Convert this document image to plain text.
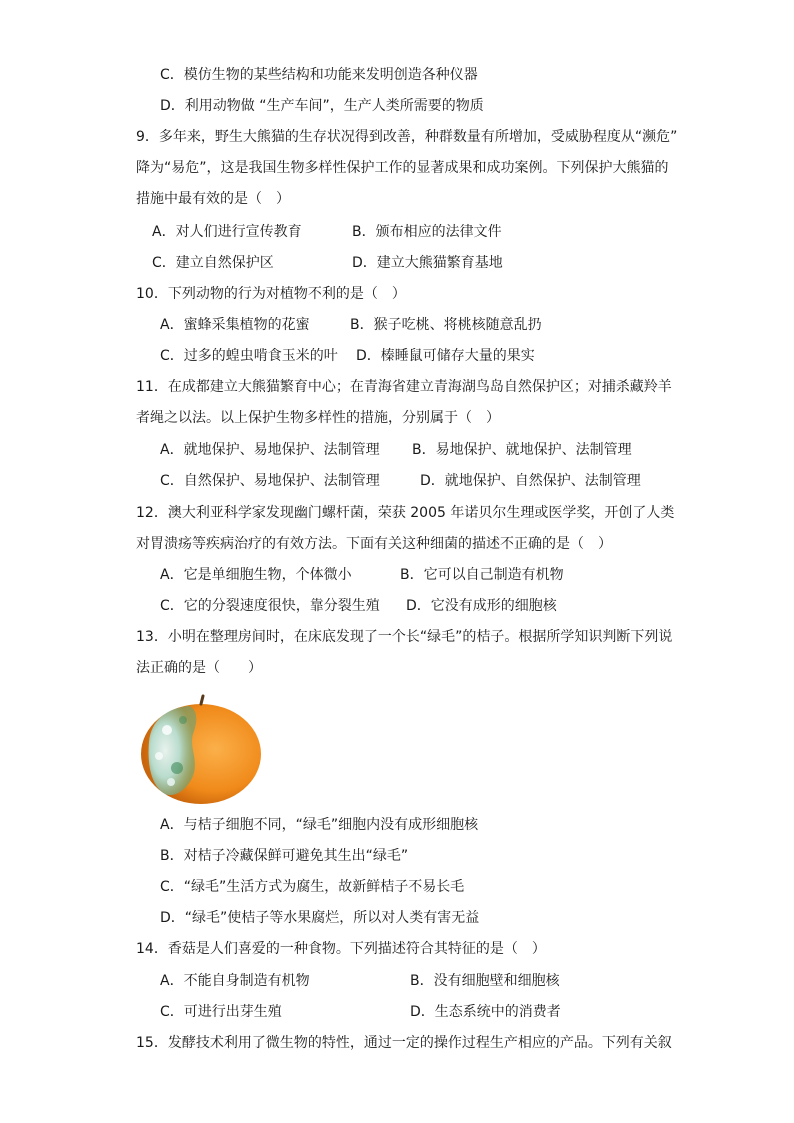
C．模仿生物的某些结构和功能来发明创造各种仪器
D．利用动物做 “生产车间”，生产人类所需要的物质
9．多年来，野生大熊猫的生存状况得到改善，种群数量有所增加，受威胁程度从“濒危”
降为“易危”，这是我国生物多样性保护工作的显著成果和成功案例。下列保护大熊猫的
措施中最有效的是（　）
A．对人们进行宣传教育	B．颁布相应的法律文件
C．建立自然保护区	D．建立大熊猫繁育基地
10．下列动物的行为对植物不利的是（　）
A．蜜蜂采集植物的花蜜	B．猴子吃桃、将桃核随意乱扔
C．过多的蝗虫啃食玉米的叶 D．榛睡鼠可储存大量的果实
11．在成都建立大熊猫繁育中心；在青海省建立青海湖鸟岛自然保护区；对捕杀藏羚羊
者绳之以法。以上保护生物多样性的措施，分别属于（　）
A．就地保护、易地保护、法制管理 B．易地保护、就地保护、法制管理
C．自然保护、易地保护、法制管理	D．就地保护、自然保护、法制管理
12．澳大利亚科学家发现幽门螺杆菌，荣获 2005 年诺贝尔生理或医学奖，开创了人类
对胃溃疡等疾病治疗的有效方法。下面有关这种细菌的描述不正确的是（　）
A．它是单细胞生物，个体微小	B．它可以自己制造有机物
C．它的分裂速度很快，靠分裂生殖 D．它没有成形的细胞核
13．小明在整理房间时，在床底发现了一个长“绿毛”的桔子。根据所学知识判断下列说
法正确的是（　　）
A．与桔子细胞不同，“绿毛”细胞内没有成形细胞核
B．对桔子冷藏保鲜可避免其生出“绿毛”
C．“绿毛”生活方式为腐生，故新鲜桔子不易长毛
D．“绿毛”使桔子等水果腐烂，所以对人类有害无益
14．香菇是人们喜爱的一种食物。下列描述符合其特征的是（　）
A．不能自身制造有机物	B．没有细胞壁和细胞核
C．可进行出芽生殖	D．生态系统中的消费者
15．发酵技术利用了微生物的特性，通过一定的操作过程生产相应的产品。下列有关叙
